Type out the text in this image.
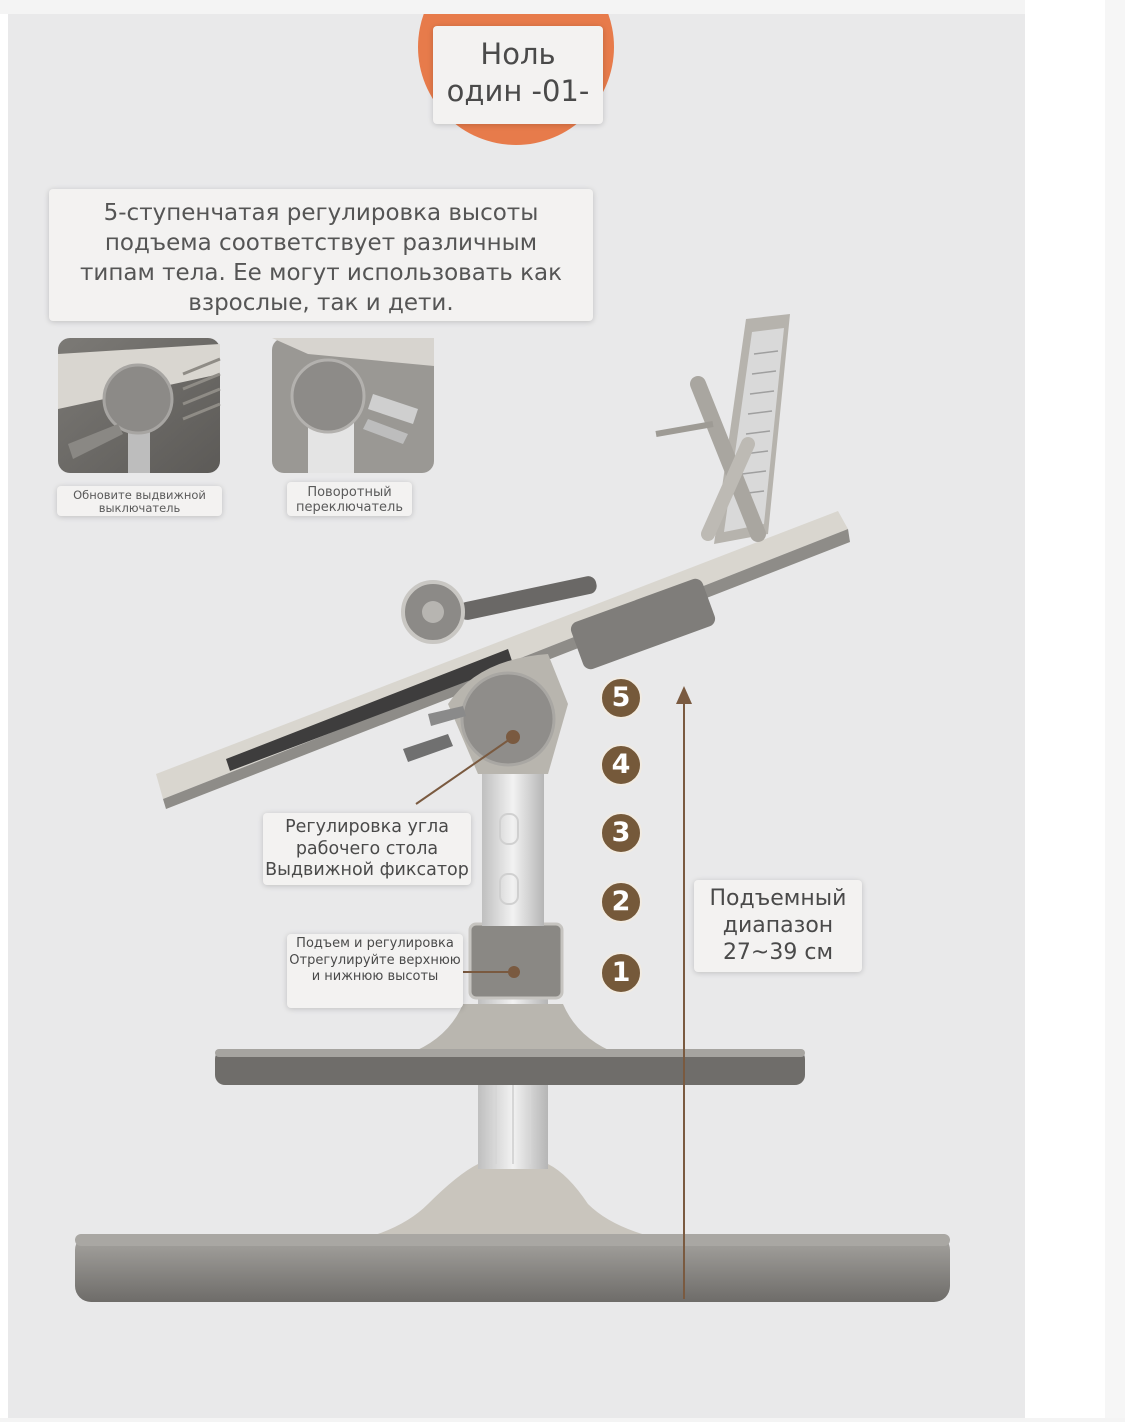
Ноль
один -01-
5-ступенчатая регулировка высоты подъема соответствует различным типам тела. Ее могут использовать как взрослые, так и дети.
Обновите выдвижной выключатель
Поворотный переключатель
Регулировка угла рабочего стола Выдвижной фиксатор
Подъем и регулировка Отрегулируйте верхнюю и нижнюю высоты
Подъемный диапазон 27~39 см
5
4
3
2
1
